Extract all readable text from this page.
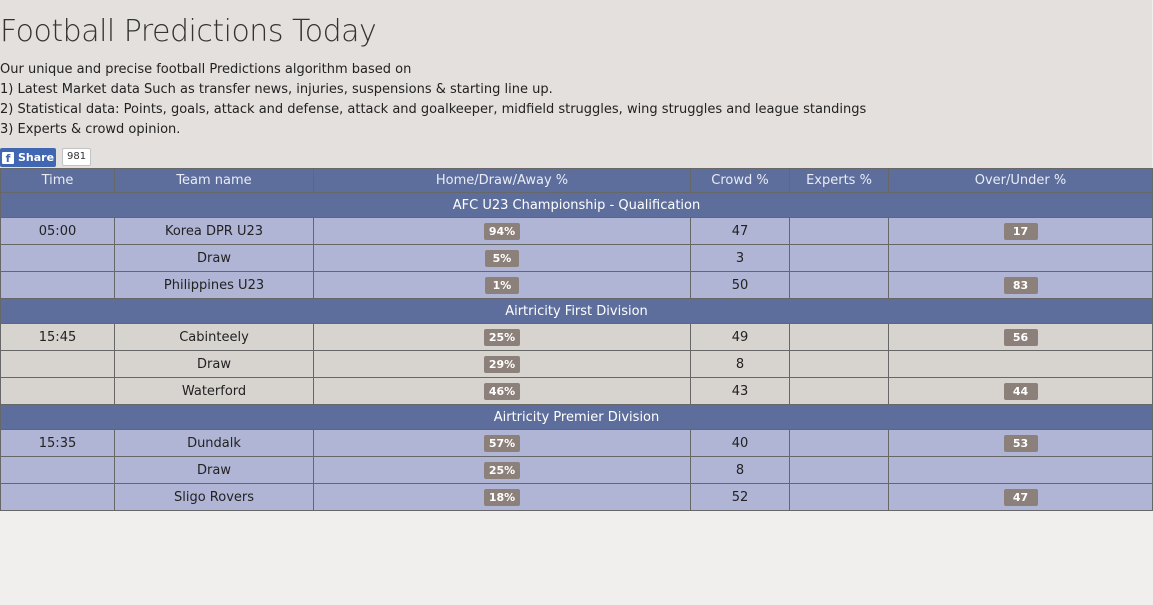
Football Predictions Today
Our unique and precise football Predictions algorithm based on
1) Latest Market data Such as transfer news, injuries, suspensions & starting line up.
2) Statistical data: Points, goals, attack and defense, attack and goalkeeper, midfield struggles, wing struggles and league standings
3) Experts & crowd opinion.
f Share	981
Time	Team name	Home/Draw/Away %	Crowd %	Experts %	Over/Under %
AFC U23 Championship - Qualification					
05:00	Korea DPR U23	94%	47		17
	Draw	5%	3		
	Philippines U23	1%	50		83
Airtricity First Division					
15:45	Cabinteely	25%	49		56
	Draw	29%	8		
	Waterford	46%	43		44
Airtricity Premier Division					
15:35	Dundalk	57%	40		53
	Draw	25%	8		
	Sligo Rovers	18%	52		47
